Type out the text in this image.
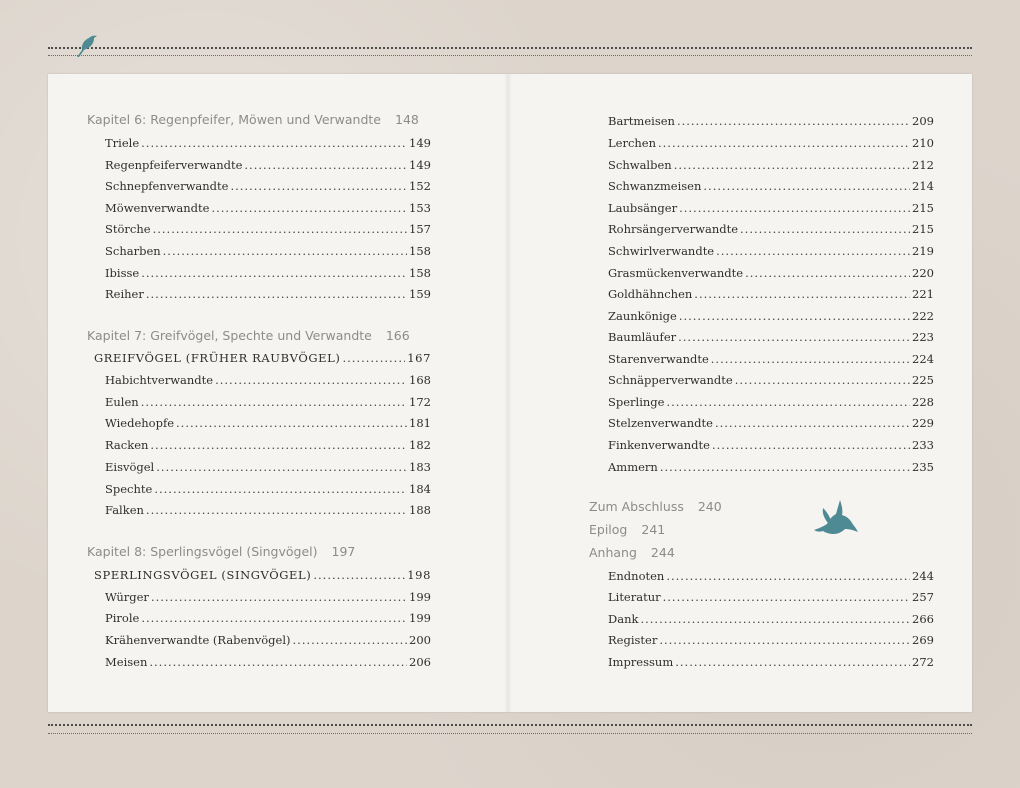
Kapitel 6: Regenpfeifer, Möwen und Verwandte 148
Triele .....	149
Regenpfeiferverwandte .....	149
Schnepfenverwandte .....	152
Möwenverwandte .....	153
Störche .....	157
Scharben .....	158
Ibisse .....	158
Reiher .....	159
Kapitel 7: Greifvögel, Spechte und Verwandte 166
GREIFVÖGEL (FRÜHER RAUBVÖGEL) .....	167
Habichtverwandte .....	168
Eulen .....	172
Wiedehopfe .....	181
Racken .....	182
Eisvögel .....	183
Spechte .....	184
Falken .....	188
Kapitel 8: Sperlingsvögel (Singvögel) 197
SPERLINGSVÖGEL (SINGVÖGEL) .....	198
Würger .....	199
Pirole .....	199
Krähenverwandte (Rabenvögel) .....	200
Meisen .....	206
Bartmeisen .....	209
Lerchen .....	210
Schwalben .....	212
Schwanzmeisen .....	214
Laubsänger .....	215
Rohrsängerverwandte .....	215
Schwirlverwandte .....	219
Grasmückenverwandte .....	220
Goldhähnchen .....	221
Zaunkönige .....	222
Baumläufer .....	223
Starenverwandte .....	224
Schnäpperverwandte .....	225
Sperlinge .....	228
Stelzenverwandte .....	229
Finkenverwandte .....	233
Ammern .....	235
Zum Abschluss 240
Epilog 241
Anhang 244
Endnoten .....	244
Literatur .....	257
Dank .....	266
Register .....	269
Impressum .....	272
